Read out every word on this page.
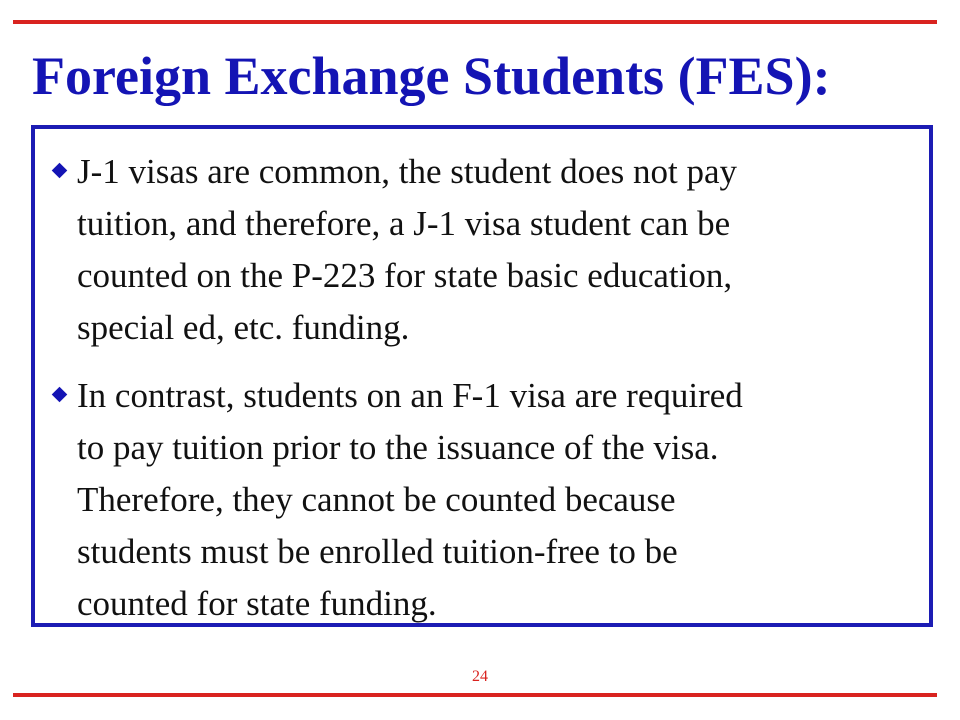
Foreign Exchange Students (FES):
J-1 visas are common, the student does not pay
tuition, and therefore, a J-1 visa student can be
counted on the P-223 for state basic education,
special ed, etc. funding.
In contrast, students on an F-1 visa are required
to pay tuition prior to the issuance of the visa.
Therefore, they cannot be counted because
students must be enrolled tuition-free to be
counted for state funding.
24
